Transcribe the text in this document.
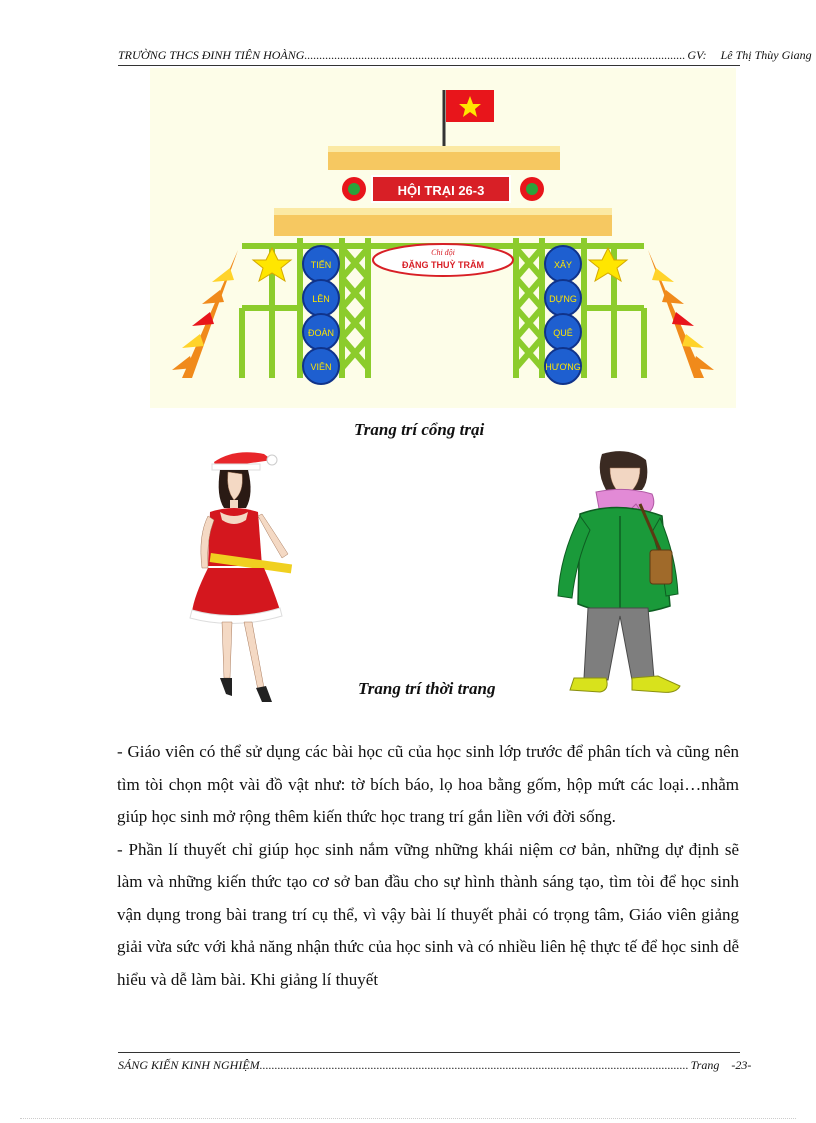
TRƯỜNG THCS ĐINH TIÊN HOÀNG ............................................................................................................................... GV: Lê Thị Thùy Giang
HỘI TRẠI 26-3
Chi đội
ĐẶNG THUỲ TRÂM
TIẾN
LÊN
ĐOÀN
VIÊN
XÂY
DỰNG
QUÊ
HƯƠNG
Trang trí cổng trại
Trang trí thời trang

- Giáo viên có thể sử dụng các bài học cũ của học sinh lớp trước để phân tích và cũng nên tìm tòi chọn một vài đồ vật như: tờ bích báo, lọ hoa bằng gốm, hộp mứt các loại…nhằm giúp học sinh mở rộng thêm kiến thức học trang trí gắn liền với đời sống.

- Phần lí thuyết chỉ giúp học sinh nắm vững những khái niệm cơ bản, những dự định sẽ làm và những kiến thức tạo cơ sở ban đầu cho sự hình thành sáng tạo, tìm tòi để học sinh vận dụng trong bài trang trí cụ thể, vì vậy bài lí thuyết phải có trọng tâm, Giáo viên giảng giải vừa sức với khả năng nhận thức của học sinh và có nhiều liên hệ thực tế để học sinh dễ hiểu và dễ làm bài. Khi giảng lí thuyết

SÁNG KIẾN KINH NGHIỆM ............................................................................................................................................... Trang -23-
